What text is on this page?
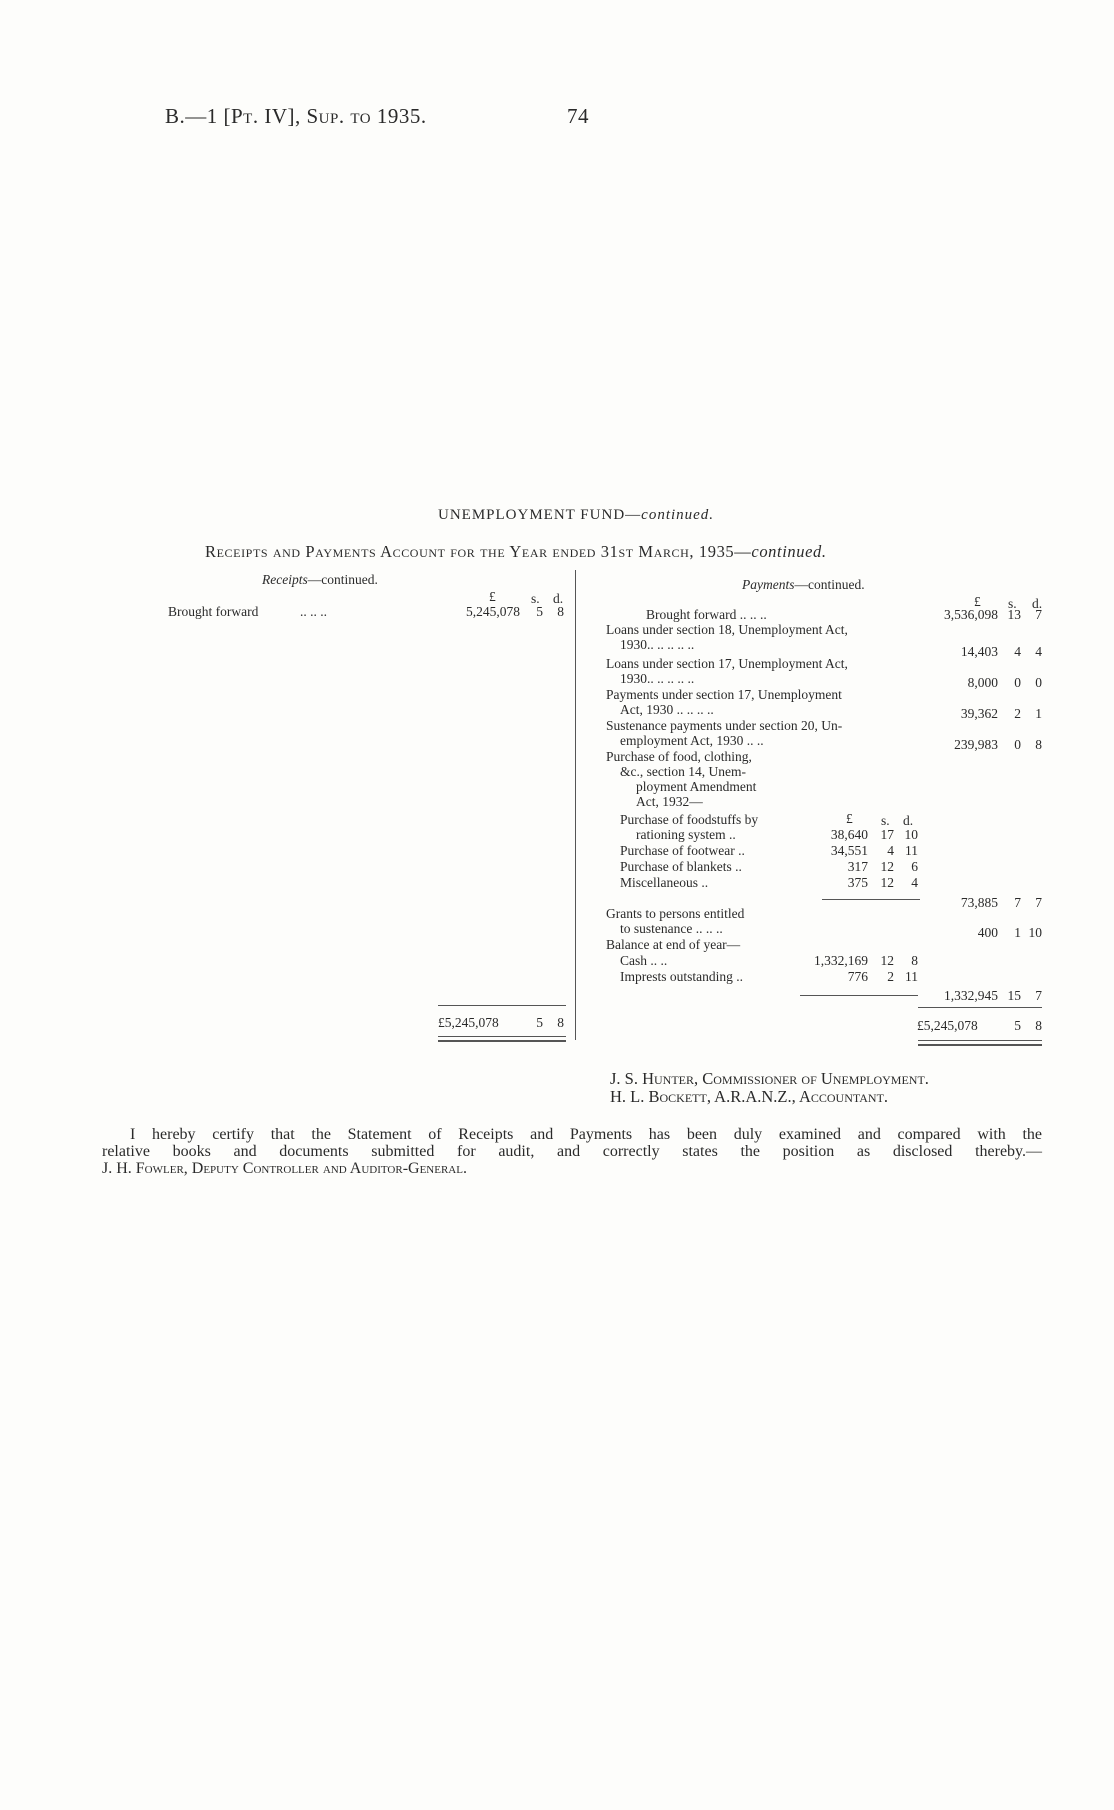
B.—1 [Pt. IV], Sup. to 1935.	74
UNEMPLOYMENT FUND—continued.
Receipts and Payments Account for the Year ended 31st March, 1935—continued.
Receipts—continued.
£	s. d.
Brought forward	.. .. ..	5,245,078	5	8
£5,245,078	5	8
Payments—continued.
£ s. d.
Brought forward .. .. ..	3,536,098 13	7
Loans under section 18, Unemployment Act,
1930.. .. .. .. ..	14,403	4	4
Loans under section 17, Unemployment Act,
1930.. .. .. .. ..	8,000	0	0
Payments under section 17, Unemployment
Act, 1930 .. .. .. ..	39,362	2	1
Sustenance payments under section 20, Un-
employment Act, 1930 .. ..	239,983	0	8
Purchase of food, clothing,
&c., section 14, Unem-
ployment Amendment
Act, 1932—
£ s. d.
Purchase of foodstuffs by
rationing system ..	38,640 17 10
Purchase of footwear ..	34,551	4 11
Purchase of blankets ..	317 12	6
Miscellaneous ..	375 12	4
73,885	7	7
Grants to persons entitled
to sustenance .. .. ..	400	1 10
Balance at end of year—
Cash .. ..	1,332,169 12	8
Imprests outstanding ..	776	2 11
1,332,945 15	7
£5,245,078	5	8
J. S. Hunter, Commissioner of Unemployment.
H. L. Bockett, A.R.A.N.Z., Accountant.
I hereby certify that the Statement of Receipts and Payments has been duly examined and compared with the
relative books and documents submitted for audit, and correctly states the position as disclosed thereby.—
J. H. Fowler, Deputy Controller and Auditor-General.
